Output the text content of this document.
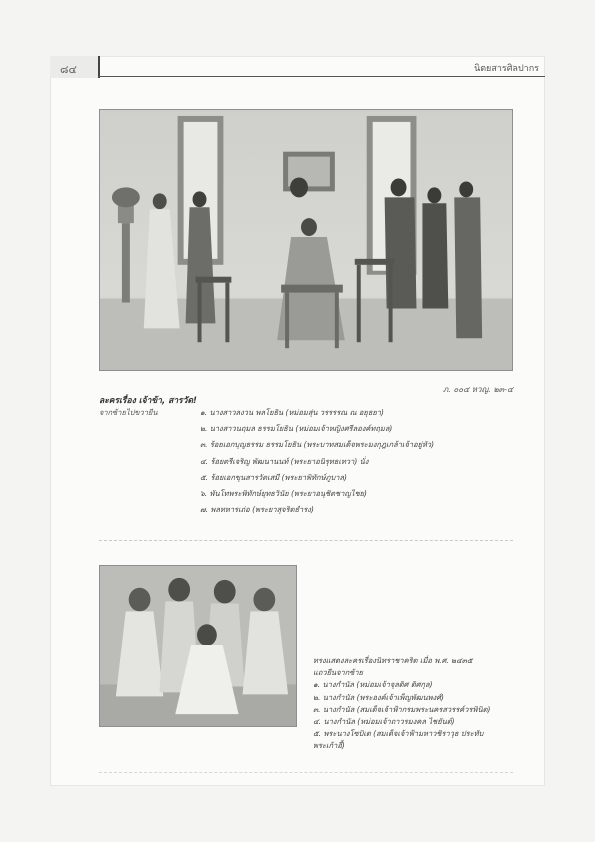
๘๔	นิตยสารศิลปากร
ภ. ๐๐๔ หวญ. ๒๓-๔
ละครเรื่อง เจ้าข้า, สารวัด!
จากซ้ายไปขวายืน	๑. นางสาวลงวน พลโยธิน (หม่อมสุ่น วรรรรณ ณ อยุธยา)
๒. นางสาวนฤมล ธรรมโยธิน (หม่อมเจ้าหญิงศรีลองค์ทฤมล)
๓. ร้อยเอกบุญธรรม ธรรมโยธิน (พระบาทสมเด็จพระมงกุฎเกล้าเจ้าอยู่หัว)
๔. ร้อยตรีเจริญ พัฒนานนท์ (พระยาอนิรุทธเทวา) นั่ง
๕. ร้อยเอกขุนสารวัตเสมี (พระยาพิทักษ์ภูบาล)
๖. พันโทพระพิทักษ์ยุทธวินัย (พระยาอนุชิตชาญไชย)
๗. พลทหารเถ่อ (พระยาสุจริตธำรง)
ทรงแสดงละครเรื่องนิทราชาคริต เมื่อ พ.ศ. ๒๔๓๕
แถวยืนจากซ้าย
๑. นางกำนัล (หม่อมเจ้าจุลดิศ ดิศกุล)
๒. นางกำนัล (พระองค์เจ้าเพ็ญพัฒนพงศ์)
๓. นางกำนัล (สมเด็จเจ้าฟ้ากรมพระนครสวรรค์วรพินิต)
๔. นางกำนัล (หม่อมเจ้าถาวรมงคล ไชยันต์)
๕. พระนางโซบิเด (สมเด็จเจ้าฟ้ามหาวชิราวุธ ประทับ
พระเก้าอี้)
